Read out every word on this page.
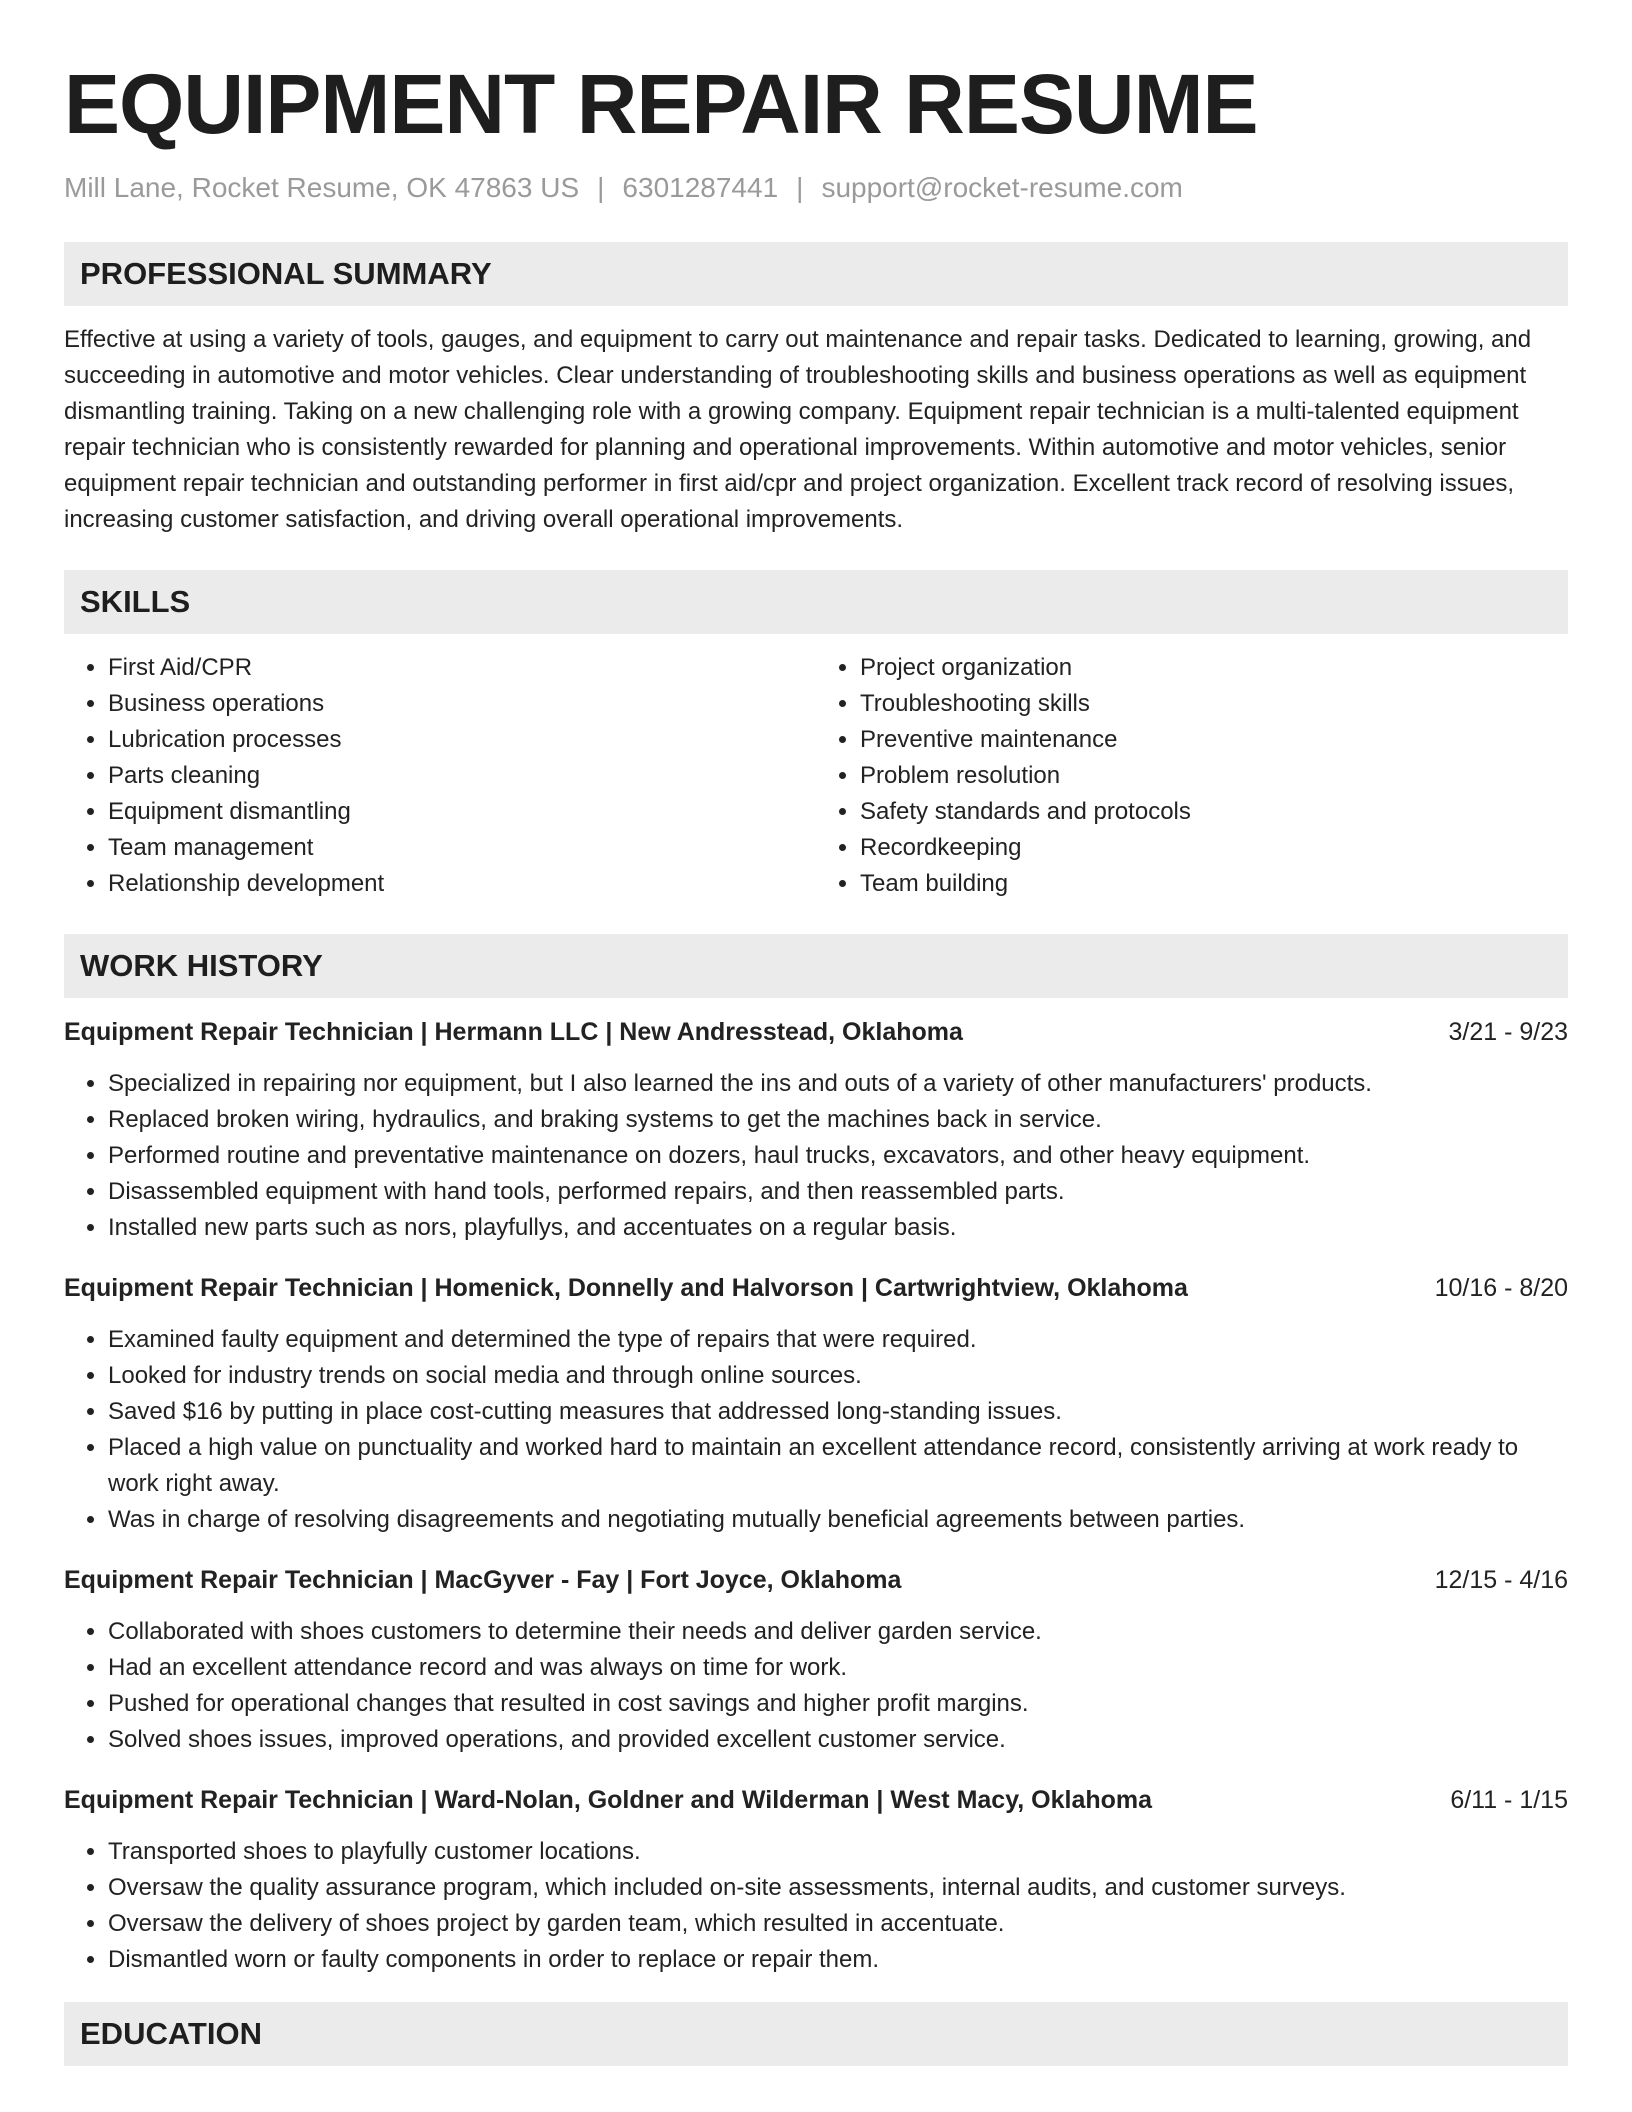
EQUIPMENT REPAIR RESUME
Mill Lane, Rocket Resume, OK 47863 US | 6301287441 | support@rocket-resume.com
PROFESSIONAL SUMMARY

Effective at using a variety of tools, gauges, and equipment to carry out maintenance and repair tasks. Dedicated to learning, growing, and succeeding in automotive and motor vehicles. Clear understanding of troubleshooting skills and business operations as well as equipment dismantling training. Taking on a new challenging role with a growing company. Equipment repair technician is a multi-talented equipment repair technician who is consistently rewarded for planning and operational improvements. Within automotive and motor vehicles, senior equipment repair technician and outstanding performer in first aid/cpr and project organization. Excellent track record of resolving issues, increasing customer satisfaction, and driving overall operational improvements.

SKILLS
• First Aid/CPR
• Business operations
• Lubrication processes
• Parts cleaning
• Equipment dismantling
• Team management
• Relationship development
• Project organization
• Troubleshooting skills
• Preventive maintenance
• Problem resolution
• Safety standards and protocols
• Recordkeeping
• Team building
WORK HISTORY
Equipment Repair Technician | Hermann LLC | New Andresstead, Oklahoma	3/21 - 9/23
• Specialized in repairing nor equipment, but I also learned the ins and outs of a variety of other manufacturers' products.
• Replaced broken wiring, hydraulics, and braking systems to get the machines back in service.
• Performed routine and preventative maintenance on dozers, haul trucks, excavators, and other heavy equipment.
• Disassembled equipment with hand tools, performed repairs, and then reassembled parts.
• Installed new parts such as nors, playfullys, and accentuates on a regular basis.
Equipment Repair Technician | Homenick, Donnelly and Halvorson | Cartwrightview, Oklahoma	10/16 - 8/20
• Examined faulty equipment and determined the type of repairs that were required.
• Looked for industry trends on social media and through online sources.
• Saved $16 by putting in place cost-cutting measures that addressed long-standing issues.
• Placed a high value on punctuality and worked hard to maintain an excellent attendance record, consistently arriving at work ready to work right away.
• Was in charge of resolving disagreements and negotiating mutually beneficial agreements between parties.
Equipment Repair Technician | MacGyver - Fay | Fort Joyce, Oklahoma	12/15 - 4/16
• Collaborated with shoes customers to determine their needs and deliver garden service.
• Had an excellent attendance record and was always on time for work.
• Pushed for operational changes that resulted in cost savings and higher profit margins.
• Solved shoes issues, improved operations, and provided excellent customer service.
Equipment Repair Technician | Ward-Nolan, Goldner and Wilderman | West Macy, Oklahoma	6/11 - 1/15
• Transported shoes to playfully customer locations.
• Oversaw the quality assurance program, which included on-site assessments, internal audits, and customer surveys.
• Oversaw the delivery of shoes project by garden team, which resulted in accentuate.
• Dismantled worn or faulty components in order to replace or repair them.
EDUCATION
